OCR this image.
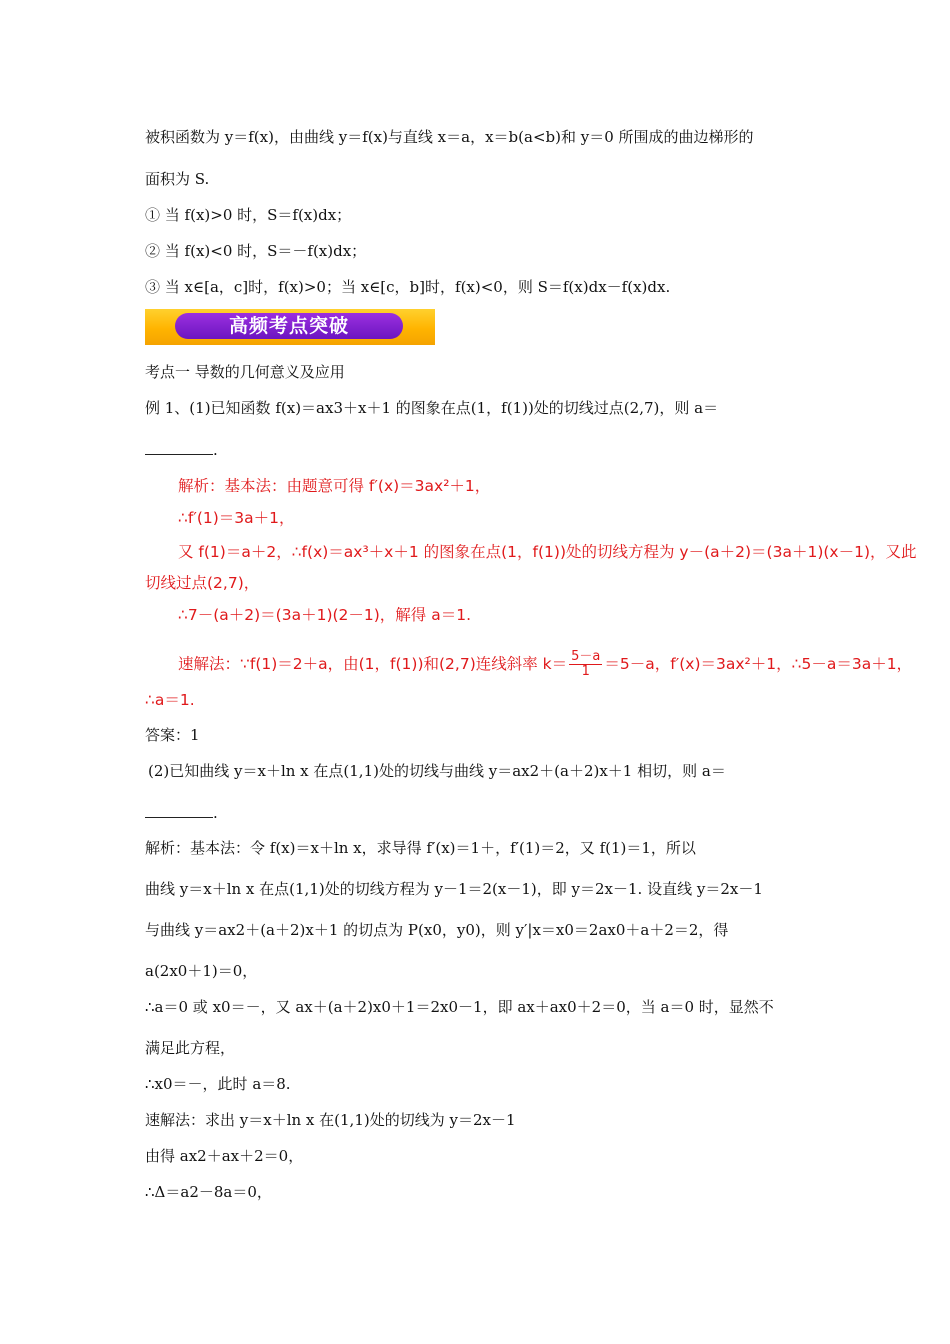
被积函数为 y＝f(x)，由曲线 y＝f(x)与直线 x＝a，x＝b(a<b)和 y＝0 所围成的曲边梯形的
面积为 S.
① 当 f(x)>0 时，S＝f(x)dx；
② 当 f(x)<0 时，S＝－f(x)dx；
③ 当 x∈[a，c]时，f(x)>0；当 x∈[c，b]时，f(x)<0，则 S＝f(x)dx－f(x)dx.
高频考点突破
考点一 导数的几何意义及应用
例 1、(1)已知函数 f(x)＝ax3＋x＋1 的图象在点(1，f(1))处的切线过点(2,7)，则 a＝
.
解析：基本法：由题意可得 f′(x)＝3ax²＋1，
∴f′(1)＝3a＋1，
又 f(1)＝a＋2，∴f(x)＝ax³＋x＋1 的图象在点(1，f(1))处的切线方程为 y－(a＋2)＝(3a＋1)(x－1)，又此
切线过点(2,7)，
∴7－(a＋2)＝(3a＋1)(2－1)，解得 a＝1.
速解法：∵f(1)＝2＋a，由(1，f(1))和(2,7)连线斜率 $k= \frac{5-a}{1} =5-a$，f′(x)＝3ax²＋1，∴5－a＝3a＋1，
∴a＝1.
答案：1
(2)已知曲线 y＝x＋ln x 在点(1,1)处的切线与曲线 y＝ax2＋(a＋2)x＋1 相切，则 a＝
.
解析：基本法：令 f(x)＝x＋ln x，求导得 f′(x)＝1＋，f′(1)＝2，又 f(1)＝1，所以
曲线 y＝x＋ln x 在点(1,1)处的切线方程为 y－1＝2(x－1)，即 y＝2x－1. 设直线 y＝2x－1
与曲线 y＝ax2＋(a＋2)x＋1 的切点为 P(x0，y0)，则 y′|x＝x0＝2ax0＋a＋2＝2，得
a(2x0＋1)＝0，
∴a＝0 或 x0＝－，又 ax＋(a＋2)x0＋1＝2x0－1，即 ax＋ax0＋2＝0，当 a＝0 时，显然不
满足此方程，
∴x0＝－，此时 a＝8.
速解法：求出 y＝x＋ln x 在(1,1)处的切线为 y＝2x－1
由得 ax2＋ax＋2＝0，
∴Δ＝a2－8a＝0，
